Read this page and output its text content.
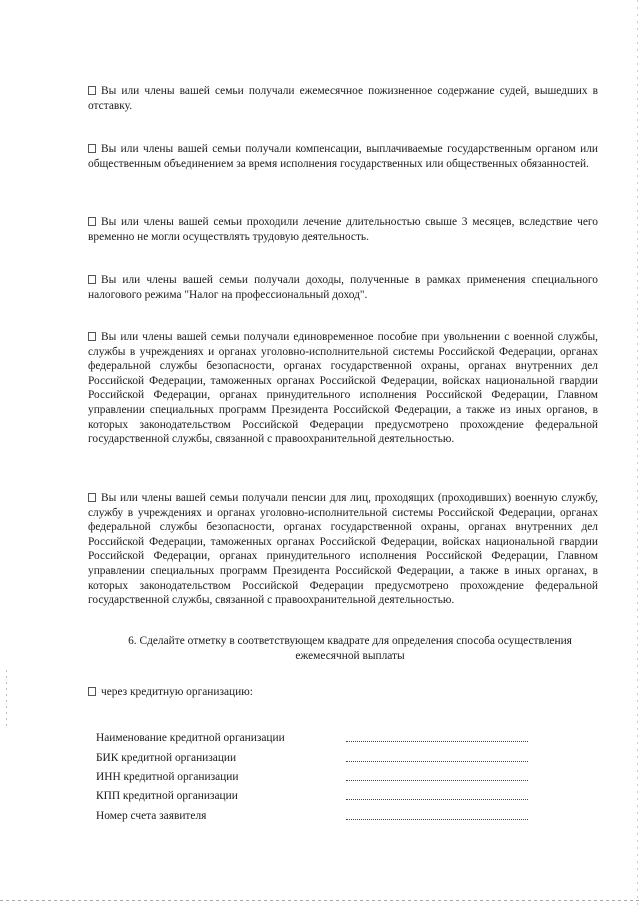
Вы или члены вашей семьи получали ежемесячное пожизненное содержание судей, вышедших в отставку.
Вы или члены вашей семьи получали компенсации, выплачиваемые государственным органом или общественным объединением за время исполнения государственных или общественных обязанностей.
Вы или члены вашей семьи проходили лечение длительностью свыше 3 месяцев, вследствие чего временно не могли осуществлять трудовую деятельность.
Вы или члены вашей семьи получали доходы, полученные в рамках применения специального налогового режима "Налог на профессиональный доход".
Вы или члены вашей семьи получали единовременное пособие при увольнении с военной службы, службы в учреждениях и органах уголовно-исполнительной системы Российской Федерации, органах федеральной службы безопасности, органах государственной охраны, органах внутренних дел Российской Федерации, таможенных органах Российской Федерации, войсках национальной гвардии Российской Федерации, органах принудительного исполнения Российской Федерации, Главном управлении специальных программ Президента Российской Федерации, а также из иных органов, в которых законодательством Российской Федерации предусмотрено прохождение федеральной государственной службы, связанной с правоохранительной деятельностью.
Вы или члены вашей семьи получали пенсии для лиц, проходящих (проходивших) военную службу, службу в учреждениях и органах уголовно-исполнительной системы Российской Федерации, органах федеральной службы безопасности, органах государственной охраны, органах внутренних дел Российской Федерации, таможенных органах Российской Федерации, войсках национальной гвардии Российской Федерации, органах принудительного исполнения Российской Федерации, Главном управлении специальных программ Президента Российской Федерации, а также в иных органах, в которых законодательством Российской Федерации предусмотрено прохождение федеральной государственной службы, связанной с правоохранительной деятельностью.
6. Сделайте отметку в соответствующем квадрате для определения способа осуществления ежемесячной выплаты
через кредитную организацию:
Наименование кредитной организации
БИК кредитной организации
ИНН кредитной организации
КПП кредитной организации
Номер счета заявителя
